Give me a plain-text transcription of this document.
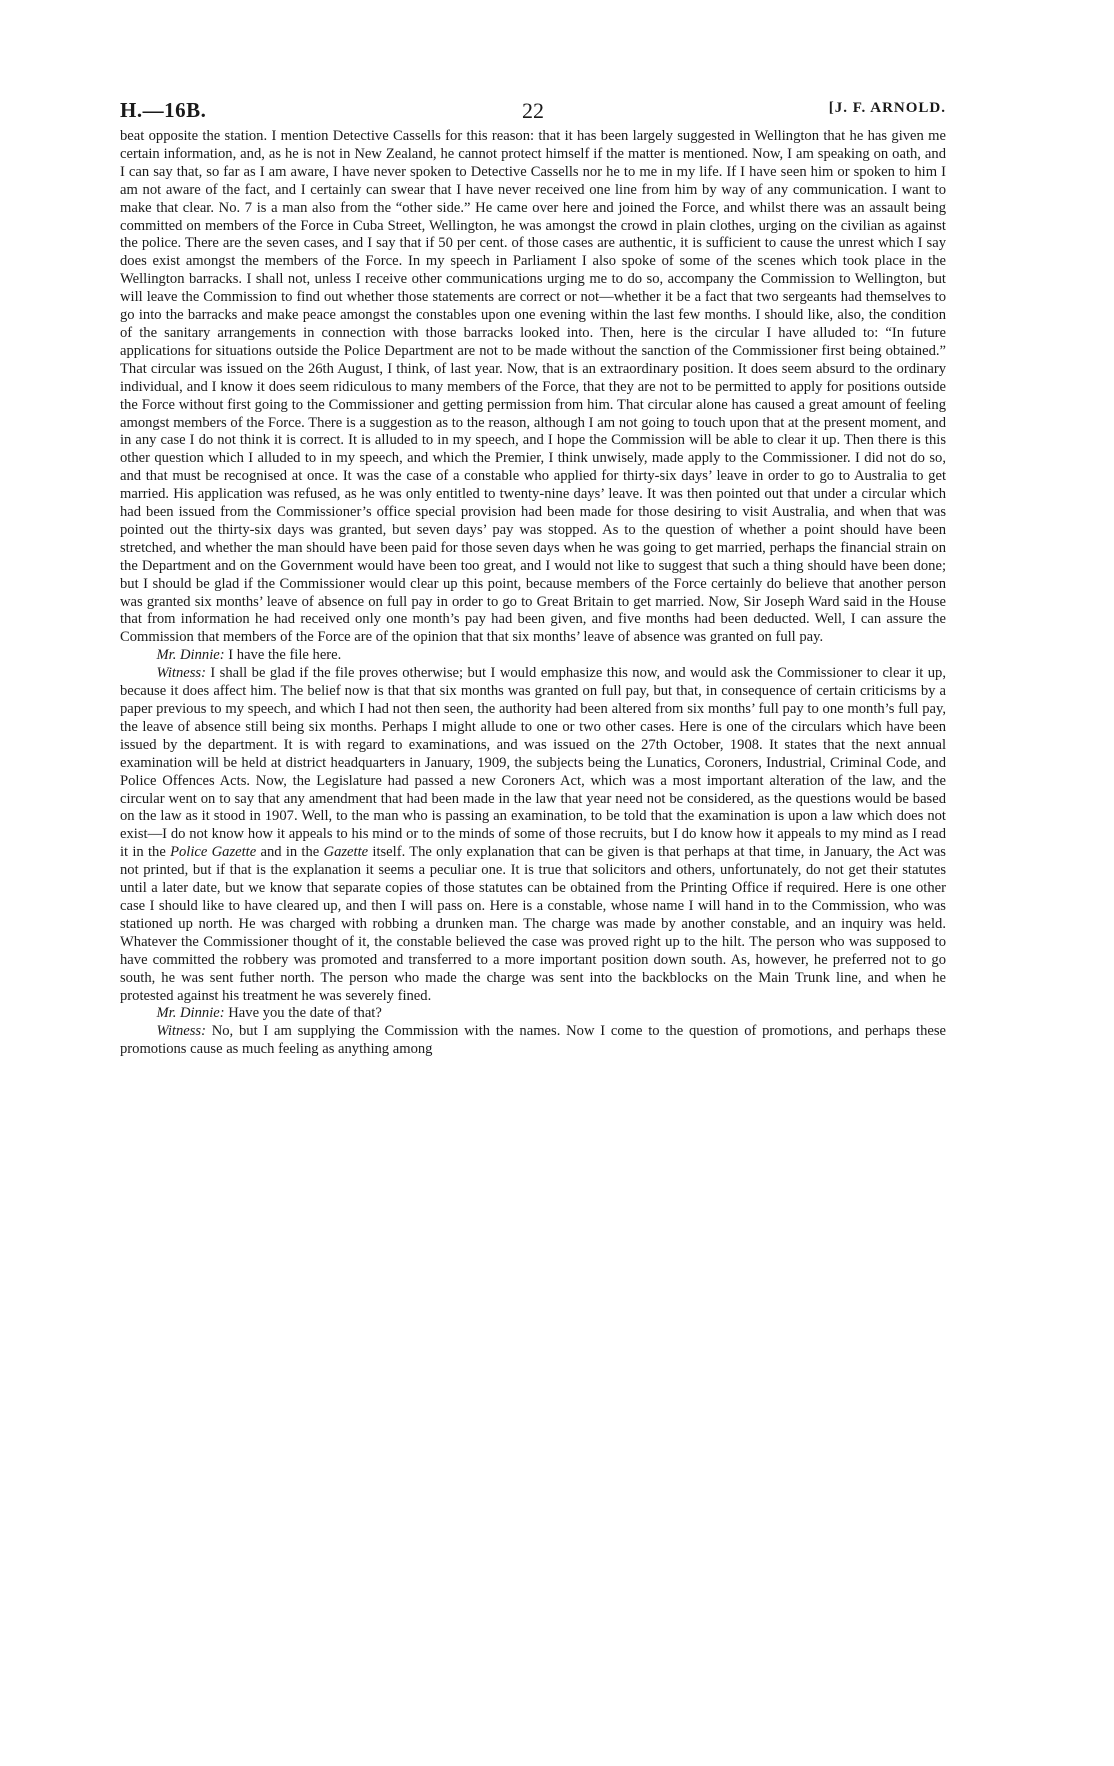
H.—16B.	22	[J. F. ARNOLD.

beat opposite the station. I mention Detective Cassells for this reason: that it has been largely suggested in Wellington that he has given me certain information, and, as he is not in New Zealand, he cannot protect himself if the matter is mentioned. Now, I am speaking on oath, and I can say that, so far as I am aware, I have never spoken to Detective Cassells nor he to me in my life. If I have seen him or spoken to him I am not aware of the fact, and I certainly can swear that I have never received one line from him by way of any communication. I want to make that clear. No. 7 is a man also from the “other side.” He came over here and joined the Force, and whilst there was an assault being committed on members of the Force in Cuba Street, Wellington, he was amongst the crowd in plain clothes, urging on the civilian as against the police. There are the seven cases, and I say that if 50 per cent. of those cases are authentic, it is sufficient to cause the unrest which I say does exist amongst the members of the Force. In my speech in Parliament I also spoke of some of the scenes which took place in the Wellington barracks. I shall not, unless I receive other communications urging me to do so, accompany the Commission to Wellington, but will leave the Commission to find out whether those statements are correct or not—whether it be a fact that two sergeants had themselves to go into the barracks and make peace amongst the constables upon one evening within the last few months. I should like, also, the condition of the sanitary arrangements in connection with those barracks looked into. Then, here is the circular I have alluded to: “In future applications for situations outside the Police Department are not to be made without the sanction of the Commissioner first being obtained.” That circular was issued on the 26th August, I think, of last year. Now, that is an extraordinary position. It does seem absurd to the ordinary individual, and I know it does seem ridiculous to many members of the Force, that they are not to be permitted to apply for positions outside the Force without first going to the Commissioner and getting permission from him. That circular alone has caused a great amount of feeling amongst members of the Force. There is a suggestion as to the reason, although I am not going to touch upon that at the present moment, and in any case I do not think it is correct. It is alluded to in my speech, and I hope the Commission will be able to clear it up. Then there is this other question which I alluded to in my speech, and which the Premier, I think unwisely, made apply to the Commissioner. I did not do so, and that must be recognised at once. It was the case of a constable who applied for thirty-six days’ leave in order to go to Australia to get married. His application was refused, as he was only entitled to twenty-nine days’ leave. It was then pointed out that under a circular which had been issued from the Commissioner’s office special provision had been made for those desiring to visit Australia, and when that was pointed out the thirty-six days was granted, but seven days’ pay was stopped. As to the question of whether a point should have been stretched, and whether the man should have been paid for those seven days when he was going to get married, perhaps the financial strain on the Department and on the Government would have been too great, and I would not like to suggest that such a thing should have been done; but I should be glad if the Commissioner would clear up this point, because members of the Force certainly do believe that another person was granted six months’ leave of absence on full pay in order to go to Great Britain to get married. Now, Sir Joseph Ward said in the House that from information he had received only one month’s pay had been given, and five months had been deducted. Well, I can assure the Commission that members of the Force are of the opinion that that six months’ leave of absence was granted on full pay.

Mr. Dinnie: I have the file here.

Witness: I shall be glad if the file proves otherwise; but I would emphasize this now, and would ask the Commissioner to clear it up, because it does affect him. The belief now is that that six months was granted on full pay, but that, in consequence of certain criticisms by a paper previous to my speech, and which I had not then seen, the authority had been altered from six months’ full pay to one month’s full pay, the leave of absence still being six months. Perhaps I might allude to one or two other cases. Here is one of the circulars which have been issued by the department. It is with regard to examinations, and was issued on the 27th October, 1908. It states that the next annual examination will be held at district headquarters in January, 1909, the subjects being the Lunatics, Coroners, Industrial, Criminal Code, and Police Offences Acts. Now, the Legislature had passed a new Coroners Act, which was a most important alteration of the law, and the circular went on to say that any amendment that had been made in the law that year need not be considered, as the questions would be based on the law as it stood in 1907. Well, to the man who is passing an examination, to be told that the examination is upon a law which does not exist—I do not know how it appeals to his mind or to the minds of some of those recruits, but I do know how it appeals to my mind as I read it in the Police Gazette and in the Gazette itself. The only explanation that can be given is that perhaps at that time, in January, the Act was not printed, but if that is the explanation it seems a peculiar one. It is true that solicitors and others, unfortunately, do not get their statutes until a later date, but we know that separate copies of those statutes can be obtained from the Printing Office if required. Here is one other case I should like to have cleared up, and then I will pass on. Here is a constable, whose name I will hand in to the Commission, who was stationed up north. He was charged with robbing a drunken man. The charge was made by another constable, and an inquiry was held. Whatever the Commissioner thought of it, the constable believed the case was proved right up to the hilt. The person who was supposed to have committed the robbery was promoted and transferred to a more important position down south. As, however, he preferred not to go south, he was sent futher north. The person who made the charge was sent into the backblocks on the Main Trunk line, and when he protested against his treatment he was severely fined.

Mr. Dinnie: Have you the date of that?

Witness: No, but I am supplying the Commission with the names. Now I come to the question of promotions, and perhaps these promotions cause as much feeling as anything among
